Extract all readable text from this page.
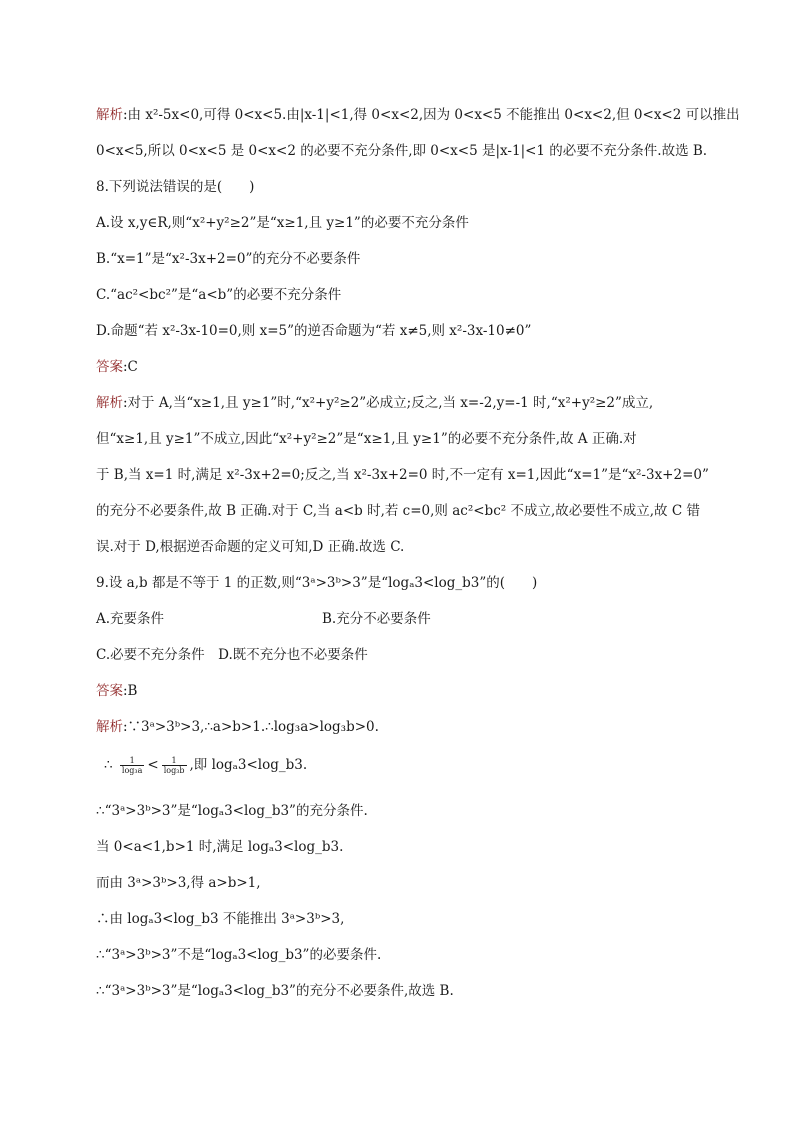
解析:由 x²-5x<0,可得 0<x<5.由|x-1|<1,得 0<x<2,因为 0<x<5 不能推出 0<x<2,但 0<x<2 可以推出
0<x<5,所以 0<x<5 是 0<x<2 的必要不充分条件,即 0<x<5 是|x-1|<1 的必要不充分条件.故选 B.
8.下列说法错误的是(　　)
A.设 x,y∈R,则“x²+y²≥2”是“x≥1,且 y≥1”的必要不充分条件
B.“x=1”是“x²-3x+2=0”的充分不必要条件
C.“ac²<bc²”是“a<b”的必要不充分条件
D.命题“若 x²-3x-10=0,则 x=5”的逆否命题为“若 x≠5,则 x²-3x-10≠0”
答案:C
解析:对于 A,当“x≥1,且 y≥1”时,“x²+y²≥2”必成立;反之,当 x=-2,y=-1 时,“x²+y²≥2”成立,
但“x≥1,且 y≥1”不成立,因此“x²+y²≥2”是“x≥1,且 y≥1”的必要不充分条件,故 A 正确.对
于 B,当 x=1 时,满足 x²-3x+2=0;反之,当 x²-3x+2=0 时,不一定有 x=1,因此“x=1”是“x²-3x+2=0”
的充分不必要条件,故 B 正确.对于 C,当 a<b 时,若 c=0,则 ac²<bc² 不成立,故必要性不成立,故 C 错
误.对于 D,根据逆否命题的定义可知,D 正确.故选 C.
9.设 a,b 都是不等于 1 的正数,则“3ᵃ>3ᵇ>3”是“logₐ3<log_b3”的(　　)
A.充要条件	B.充分不必要条件
C.必要不充分条件　D.既不充分也不必要条件
答案:B
解析:∵3ᵃ>3ᵇ>3,∴a>b>1.∴log₃a>log₃b>0.
∴ $\frac{1}{\text{log₃a}} < \frac{1}{\text{log₃b}}$ ,即 logₐ3<log_b3.
∴“3ᵃ>3ᵇ>3”是“logₐ3<log_b3”的充分条件.
当 0<a<1,b>1 时,满足 logₐ3<log_b3.
而由 3ᵃ>3ᵇ>3,得 a>b>1,
∴由 logₐ3<log_b3 不能推出 3ᵃ>3ᵇ>3,
∴“3ᵃ>3ᵇ>3”不是“logₐ3<log_b3”的必要条件.
∴“3ᵃ>3ᵇ>3”是“logₐ3<log_b3”的充分不必要条件,故选 B.
